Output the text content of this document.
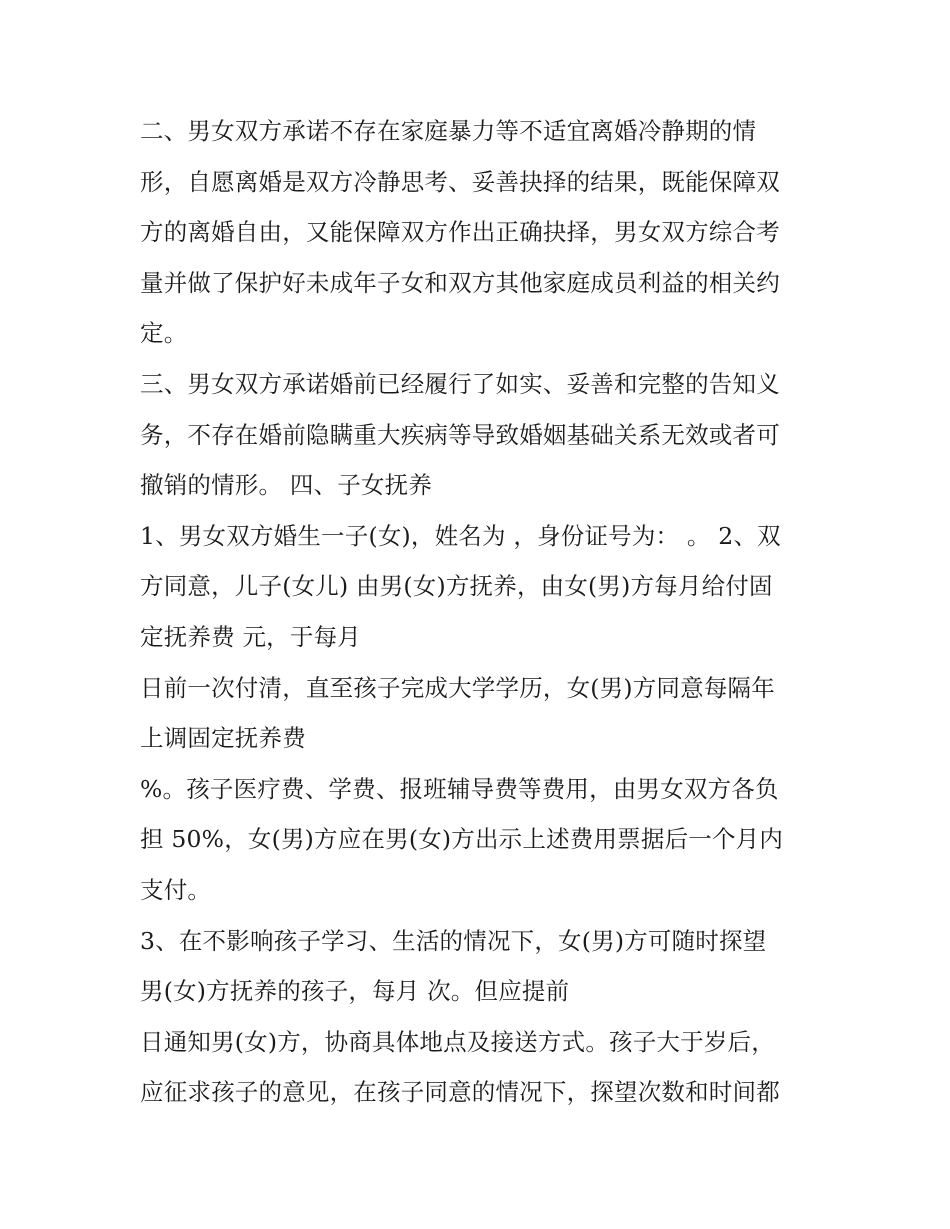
二、男女双方承诺不存在家庭暴力等不适宜离婚冷静期的情
形，自愿离婚是双方冷静思考、妥善抉择的结果，既能保障双
方的离婚自由，又能保障双方作出正确抉择，男女双方综合考
量并做了保护好未成年子女和双方其他家庭成员利益的相关约
定。
三、男女双方承诺婚前已经履行了如实、妥善和完整的告知义
务，不存在婚前隐瞒重大疾病等导致婚姻基础关系无效或者可
撤销的情形。 四、子女抚养
1、男女双方婚生一子(女)，姓名为 ，身份证号为： 。 2、双
方同意，儿子(女儿) 由男(女)方抚养，由女(男)方每月给付固
定抚养费 元，于每月
日前一次付清，直至孩子完成大学学历，女(男)方同意每隔年
上调固定抚养费
%。孩子医疗费、学费、报班辅导费等费用，由男女双方各负
担 50%，女(男)方应在男(女)方出示上述费用票据后一个月内
支付。
3、在不影响孩子学习、生活的情况下，女(男)方可随时探望
男(女)方抚养的孩子，每月 次。但应提前
日通知男(女)方，协商具体地点及接送方式。孩子大于岁后，
应征求孩子的意见，在孩子同意的情况下，探望次数和时间都
